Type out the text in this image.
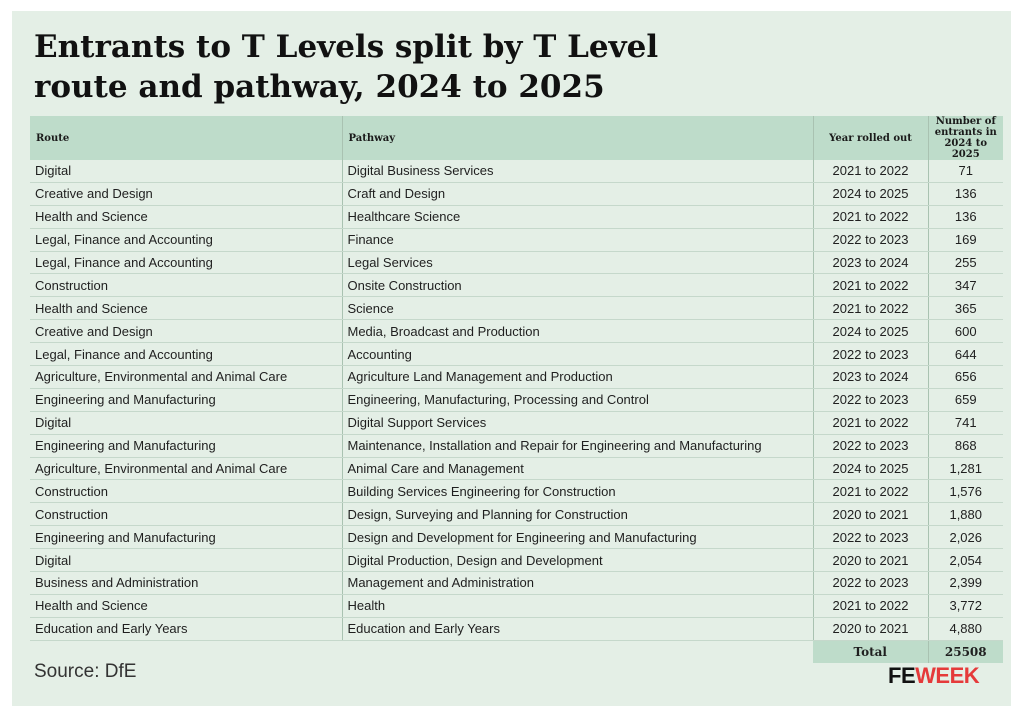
Entrants to T Levels split by T Level route and pathway, 2024 to 2025
Route	Pathway	Year rolled out	Number of entrants in 2024 to 2025
Digital	Digital Business Services	2021 to 2022	71
Creative and Design	Craft and Design	2024 to 2025	136
Health and Science	Healthcare Science	2021 to 2022	136
Legal, Finance and Accounting	Finance	2022 to 2023	169
Legal, Finance and Accounting	Legal Services	2023 to 2024	255
Construction	Onsite Construction	2021 to 2022	347
Health and Science	Science	2021 to 2022	365
Creative and Design	Media, Broadcast and Production	2024 to 2025	600
Legal, Finance and Accounting	Accounting	2022 to 2023	644
Agriculture, Environmental and Animal Care	Agriculture Land Management and Production	2023 to 2024	656
Engineering and Manufacturing	Engineering, Manufacturing, Processing and Control	2022 to 2023	659
Digital	Digital Support Services	2021 to 2022	741
Engineering and Manufacturing	Maintenance, Installation and Repair for Engineering and Manufacturing	2022 to 2023	868
Agriculture, Environmental and Animal Care	Animal Care and Management	2024 to 2025	1,281
Construction	Building Services Engineering for Construction	2021 to 2022	1,576
Construction	Design, Surveying and Planning for Construction	2020 to 2021	1,880
Engineering and Manufacturing	Design and Development for Engineering and Manufacturing	2022 to 2023	2,026
Digital	Digital Production, Design and Development	2020 to 2021	2,054
Business and Administration	Management and Administration	2022 to 2023	2,399
Health and Science	Health	2021 to 2022	3,772
Education and Early Years	Education and Early Years	2020 to 2021	4,880
		Total	25508
Source: DfE	FEWEEK
